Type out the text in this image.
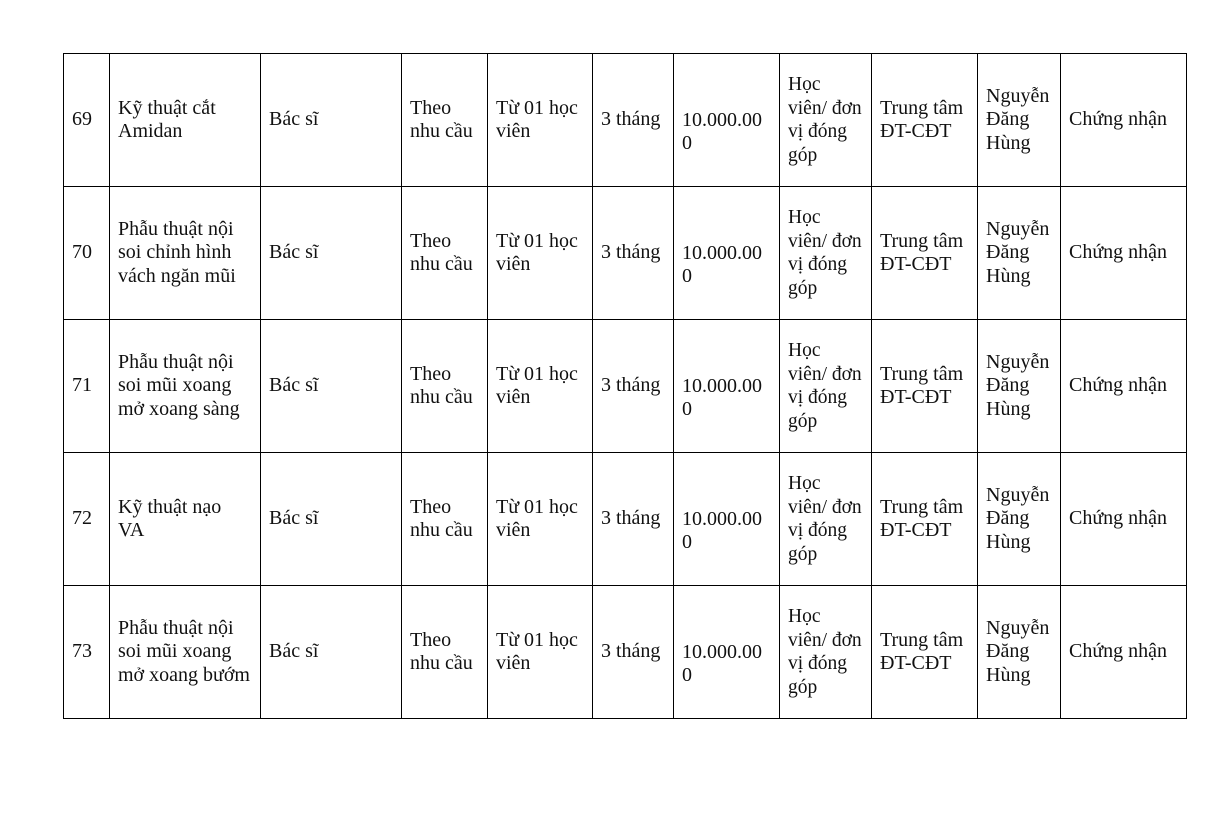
69	Kỹ thuật cắt Amidan	Bác sĩ	Theo nhu cầu	Từ 01 học viên	3 tháng	10.000.000	Học viên/ đơn vị đóng góp	Trung tâm ĐT-CĐT	Nguyễn Đăng Hùng	Chứng nhận
70	Phẫu thuật nội soi chỉnh hình vách ngăn mũi	Bác sĩ	Theo nhu cầu	Từ 01 học viên	3 tháng	10.000.000	Học viên/ đơn vị đóng góp	Trung tâm ĐT-CĐT	Nguyễn Đăng Hùng	Chứng nhận
71	Phẫu thuật nội soi mũi xoang mở xoang sàng	Bác sĩ	Theo nhu cầu	Từ 01 học viên	3 tháng	10.000.000	Học viên/ đơn vị đóng góp	Trung tâm ĐT-CĐT	Nguyễn Đăng Hùng	Chứng nhận
72	Kỹ thuật nạo VA	Bác sĩ	Theo nhu cầu	Từ 01 học viên	3 tháng	10.000.000	Học viên/ đơn vị đóng góp	Trung tâm ĐT-CĐT	Nguyễn Đăng Hùng	Chứng nhận
73	Phẫu thuật nội soi mũi xoang mở xoang bướm	Bác sĩ	Theo nhu cầu	Từ 01 học viên	3 tháng	10.000.000	Học viên/ đơn vị đóng góp	Trung tâm ĐT-CĐT	Nguyễn Đăng Hùng	Chứng nhận
